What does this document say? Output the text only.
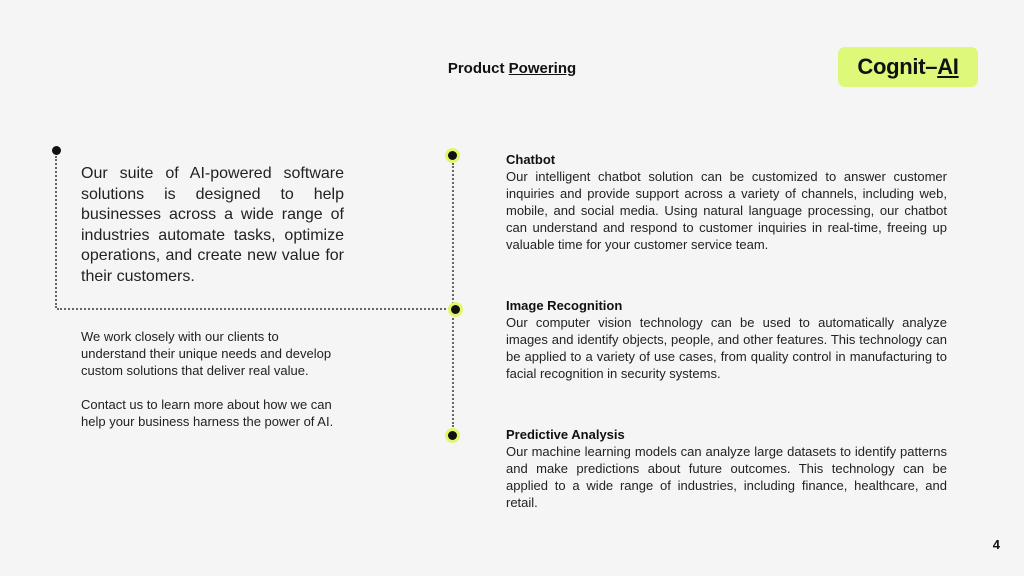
Product Powering	Cognit– AI
Our suite of AI-powered software solutions is designed to help businesses across a wide range of industries automate tasks, optimize operations, and create new value for their customers.

We work closely with our clients to understand their unique needs and develop custom solutions that deliver real value.

Contact us to learn more about how we can help your business harness the power of AI.

Chatbot
Our intelligent chatbot solution can be customized to answer customer inquiries and provide support across a variety of channels, including web, mobile, and social media. Using natural language processing, our chatbot can understand and respond to customer inquiries in real-time, freeing up valuable time for your customer service team.
Image Recognition
Our computer vision technology can be used to automatically analyze images and identify objects, people, and other features. This technology can be applied to a variety of use cases, from quality control in manufacturing to facial recognition in security systems.
Predictive Analysis
Our machine learning models can analyze large datasets to identify patterns and make predictions about future outcomes. This technology can be applied to a wide range of industries, including finance, healthcare, and retail.
4
